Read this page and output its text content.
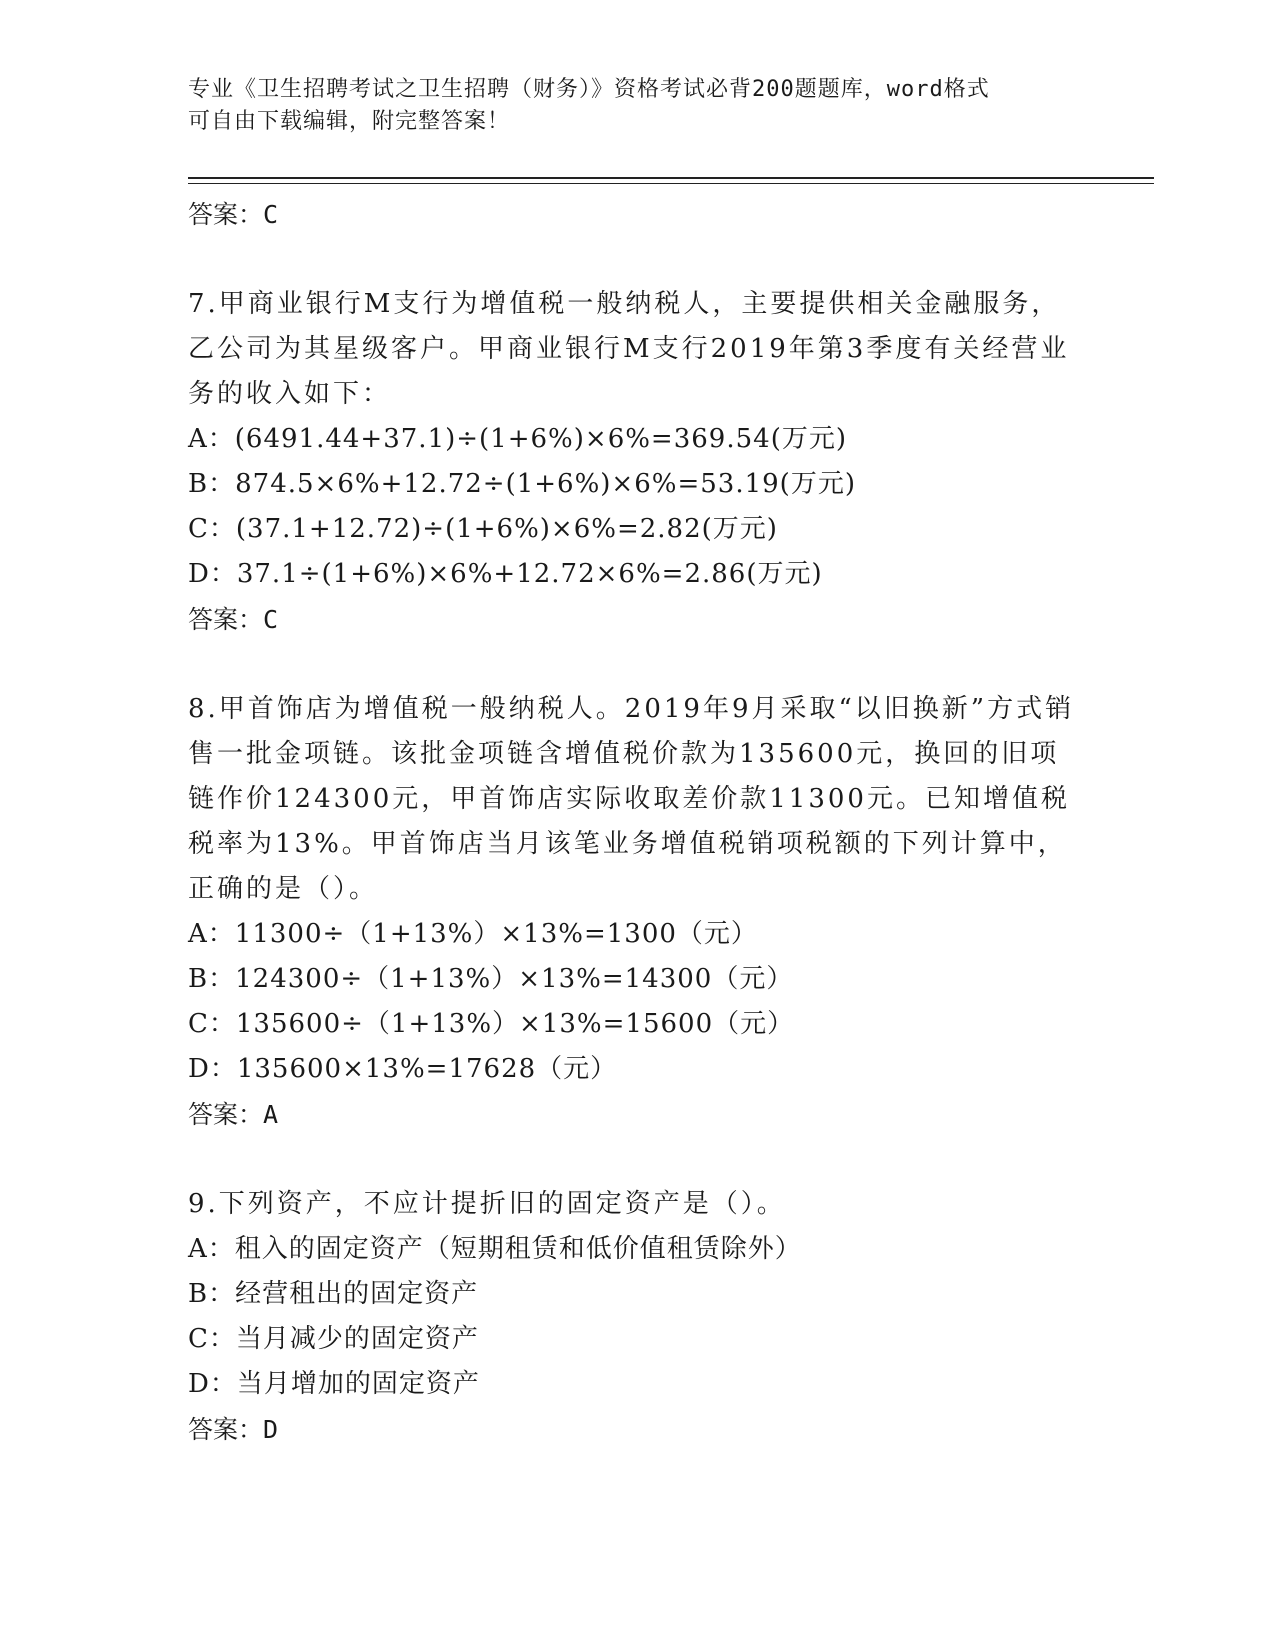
专业《卫生招聘考试之卫生招聘（财务）》资格考试必背200题题库，word格式
可自由下载编辑，附完整答案！

答案：C

7.甲商业银行M支行为增值税一般纳税人，主要提供相关金融服务，乙公司为其星级客户。甲商业银行M支行2019年第3季度有关经营业务的收入如下：

A：(6491.44+37.1)÷(1+6%)×6%=369.54(万元)

B：874.5×6%+12.72÷(1+6%)×6%=53.19(万元)

C：(37.1+12.72)÷(1+6%)×6%=2.82(万元)

D：37.1÷(1+6%)×6%+12.72×6%=2.86(万元)

答案：C

8.甲首饰店为增值税一般纳税人。2019年9月采取“以旧换新”方式销售一批金项链。该批金项链含增值税价款为135600元，换回的旧项链作价124300元，甲首饰店实际收取差价款11300元。已知增值税税率为13%。甲首饰店当月该笔业务增值税销项税额的下列计算中，正确的是（）。

A：11300÷（1+13%）×13%=1300（元）

B：124300÷（1+13%）×13%=14300（元）

C：135600÷（1+13%）×13%=15600（元）

D：135600×13%=17628（元）

答案：A

9.下列资产，不应计提折旧的固定资产是（）。

A：租入的固定资产（短期租赁和低价值租赁除外）

B：经营租出的固定资产

C：当月减少的固定资产

D：当月增加的固定资产

答案：D
